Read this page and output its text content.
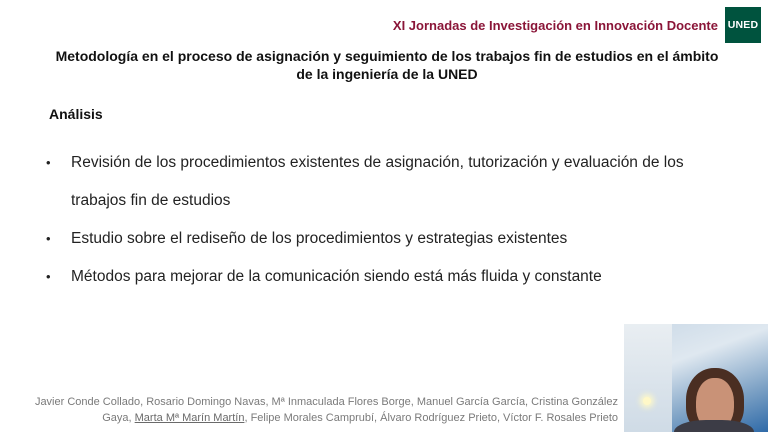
XI Jornadas de Investigación en Innovación Docente UNED
Metodología en el proceso de asignación y seguimiento de los trabajos fin de estudios en el ámbito
de la ingeniería de la UNED
Análisis
• Revisión de los procedimientos existentes de asignación, tutorización y evaluación de los
trabajos fin de estudios
• Estudio sobre el rediseño de los procedimientos y estrategias existentes
• Métodos para mejorar de la comunicación siendo está más fluida y constante
Javier Conde Collado, Rosario Domingo Navas, Mª Inmaculada Flores Borge, Manuel García García, Cristina González
Gaya, Marta Mª Marín Martín, Felipe Morales Camprubí, Álvaro Rodríguez Prieto, Víctor F. Rosales Prieto
